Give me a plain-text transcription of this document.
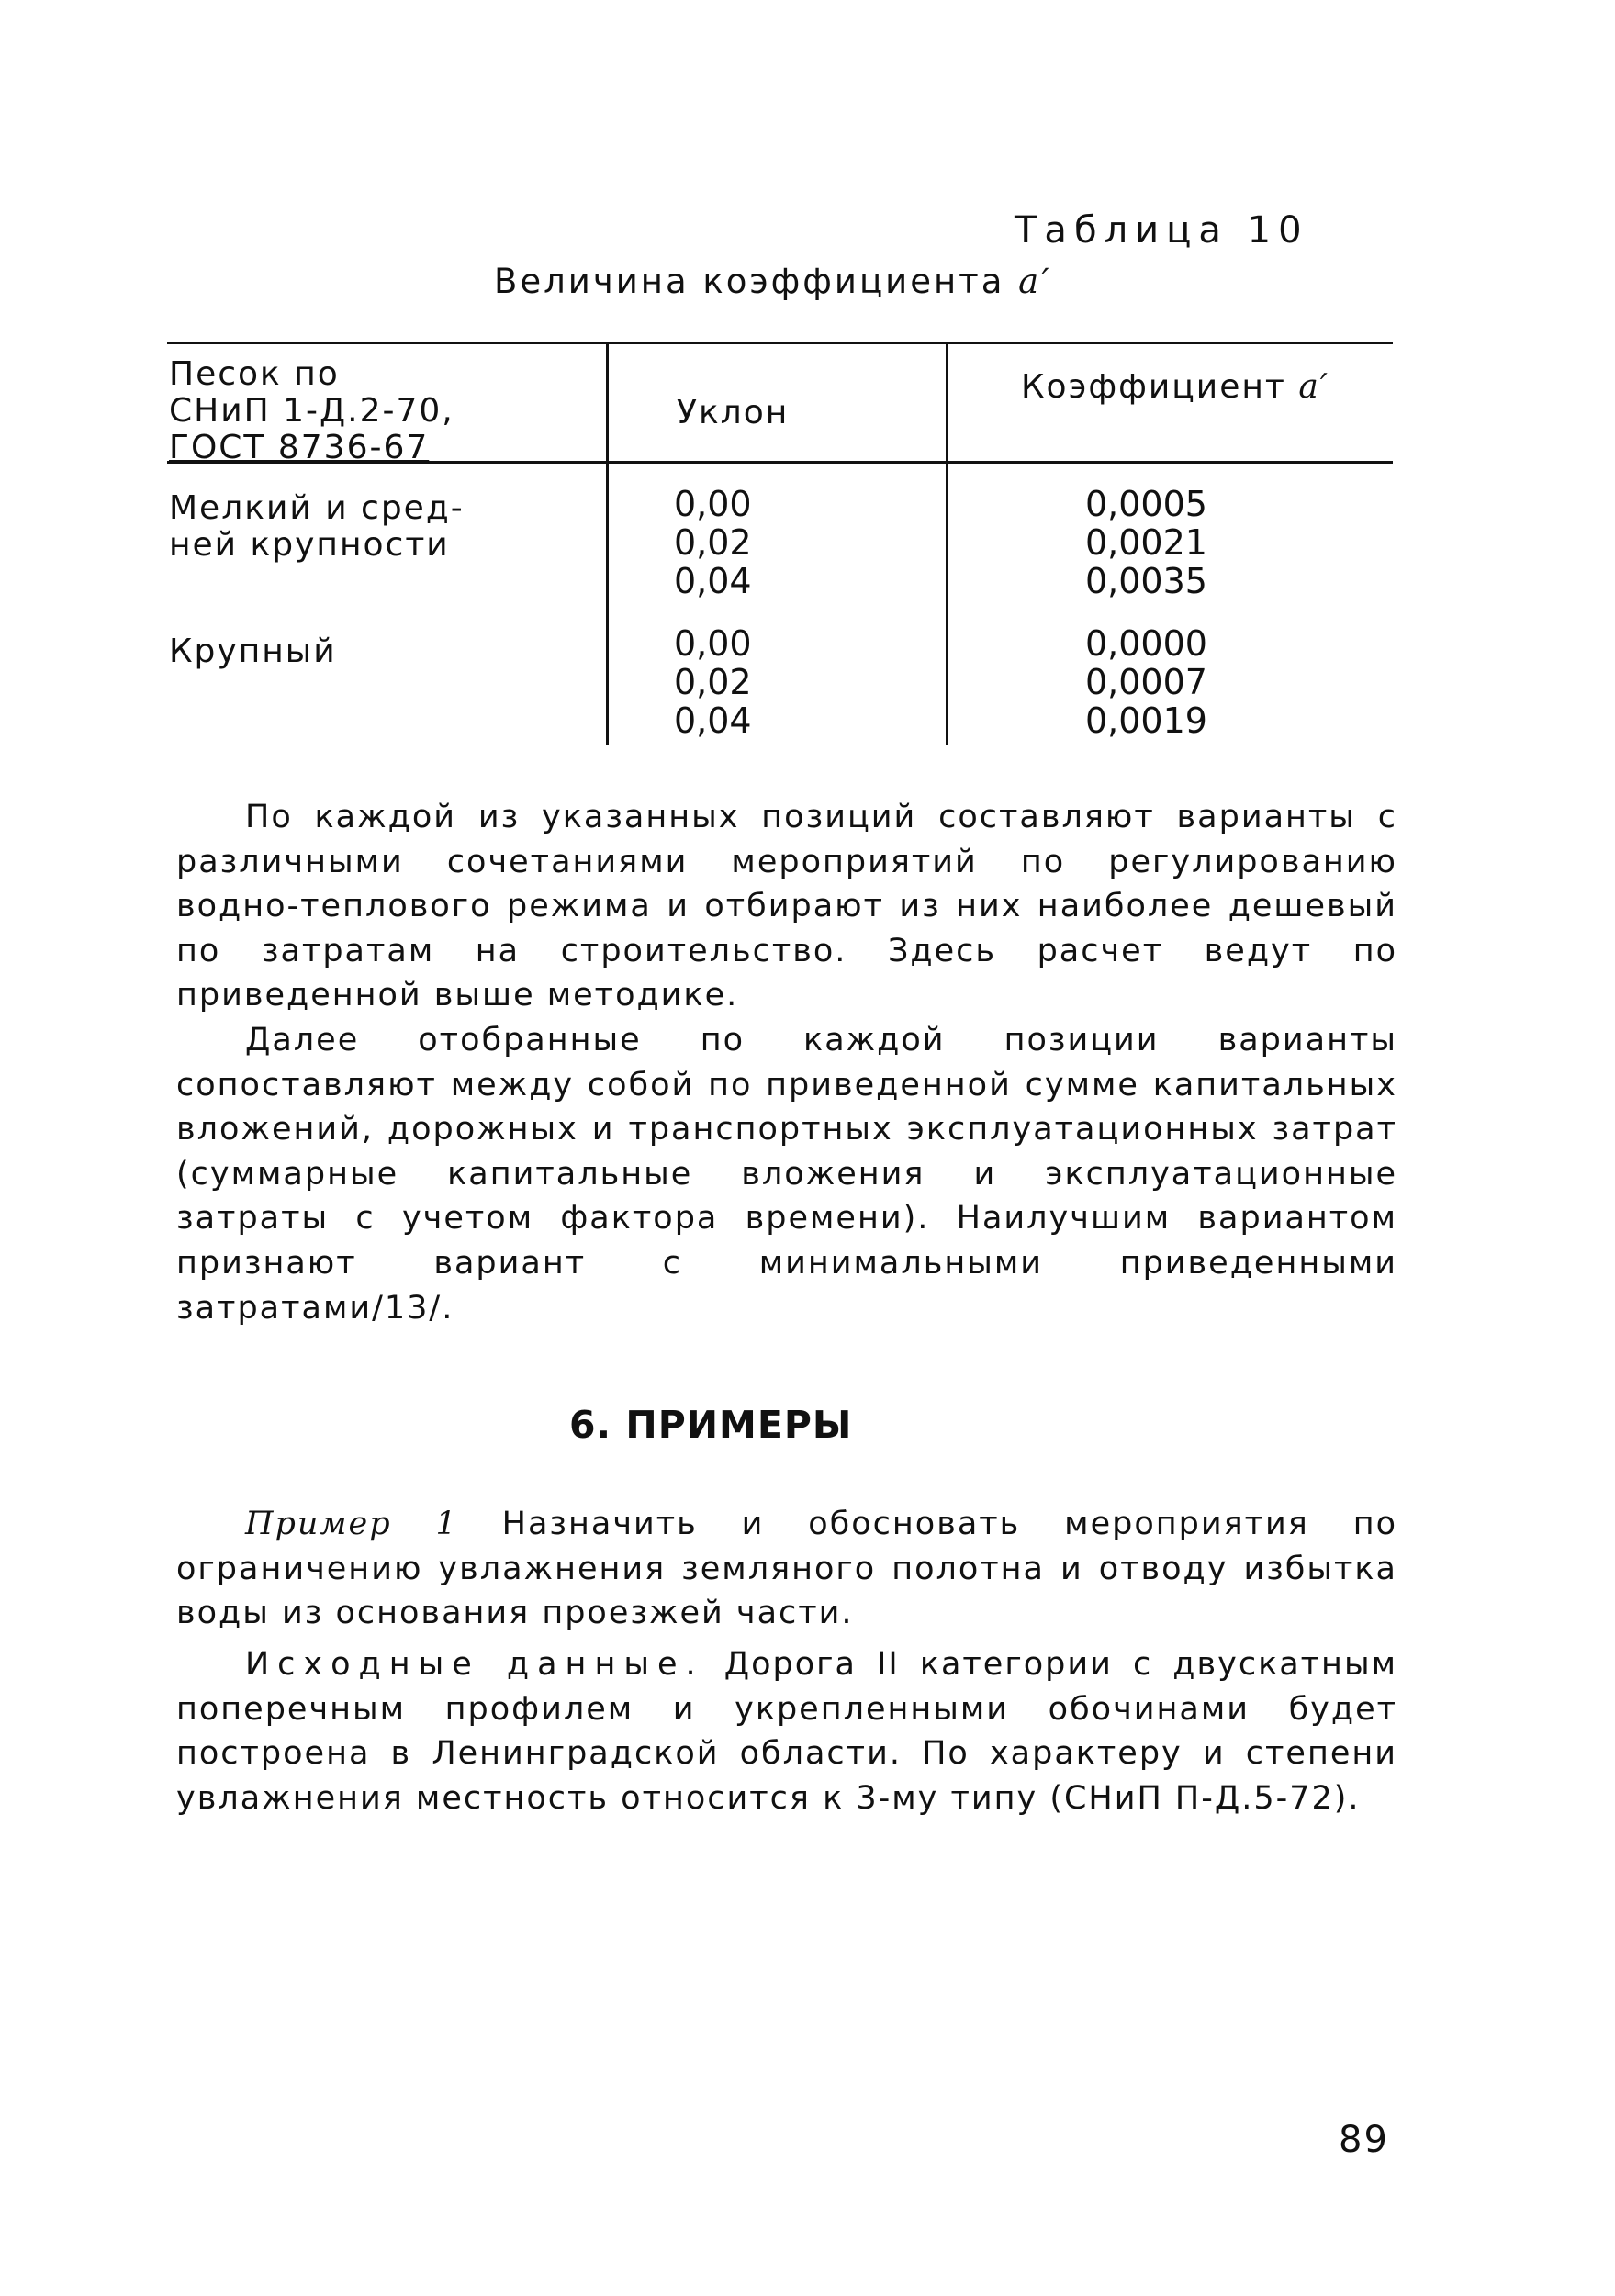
Таблица 10
Величина коэффициента a′
Песок по
СНиП 1-Д.2-70,
ГОСТ 8736-67
Уклон
Коэффициент a′
Мелкий и сред-
ней крупности
0,00
0,02
0,04
0,0005
0,0021
0,0035
Крупный	0,00
0,02
0,04
0,0000
0,0007
0,0019

По каждой из указанных позиций составляют варианты с различными сочетаниями мероприятий по регулированию водно-теплового режима и отбирают из них наиболее дешевый по затратам на строительство. Здесь расчет ведут по приведенной выше методике.

Далее отобранные по каждой позиции варианты сопоставляют между собой по приведенной сумме капитальных вложений, дорожных и транспортных эксплуатационных затрат (суммарные капитальные вложения и эксплуатационные затраты с учетом фактора времени). Наилучшим вариантом признают вариант с минимальными приведенными затратами/13/.

6. ПРИМЕРЫ

Пример 1 Назначить и обосновать мероприятия по ограничению увлажнения земляного полотна и отводу избытка воды из основания проезжей части.

Исходные данные. Дорога II категории с двускатным поперечным профилем и укрепленными обочинами будет построена в Ленинградской области. По характеру и степени увлажнения местность относится к 3-му типу (СНиП П-Д.5-72).

89
